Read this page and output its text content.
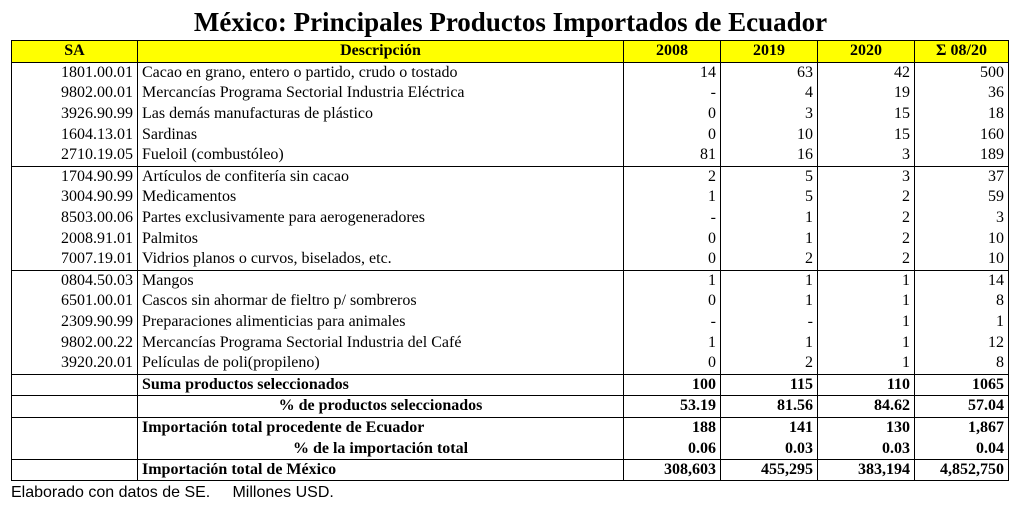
México: Principales Productos Importados de Ecuador
SA	Descripción	2008	2019	2020	Σ 08/20
1801.00.01	Cacao en grano, entero o partido, crudo o tostado	14	63	42	500
9802.00.01	Mercancías Programa Sectorial Industria Eléctrica	-	4	19	36
3926.90.99	Las demás manufacturas de plástico	0	3	15	18
1604.13.01	Sardinas	0	10	15	160
2710.19.05	Fueloil (combustóleo)	81	16	3	189
1704.90.99	Artículos de confitería sin cacao	2	5	3	37
3004.90.99	Medicamentos	1	5	2	59
8503.00.06	Partes exclusivamente para aerogeneradores	-	1	2	3
2008.91.01	Palmitos	0	1	2	10
7007.19.01	Vidrios planos o curvos, biselados, etc.	0	2	2	10
0804.50.03	Mangos	1	1	1	14
6501.00.01	Cascos sin ahormar de fieltro p/ sombreros	0	1	1	8
2309.90.99	Preparaciones alimenticias para animales	-	-	1	1
9802.00.22	Mercancías Programa Sectorial Industria del Café	1	1	1	12
3920.20.01	Películas de poli(propileno)	0	2	1	8
	Suma productos seleccionados	100	115	110	1065
	% de productos seleccionados	53.19	81.56	84.62	57.04
	Importación total procedente de Ecuador	188	141	130	1,867
	% de la importación total	0.06	0.03	0.03	0.04
	Importación total de México	308,603	455,295	383,194	4,852,750
Elaborado con datos de SE.     Millones USD.
